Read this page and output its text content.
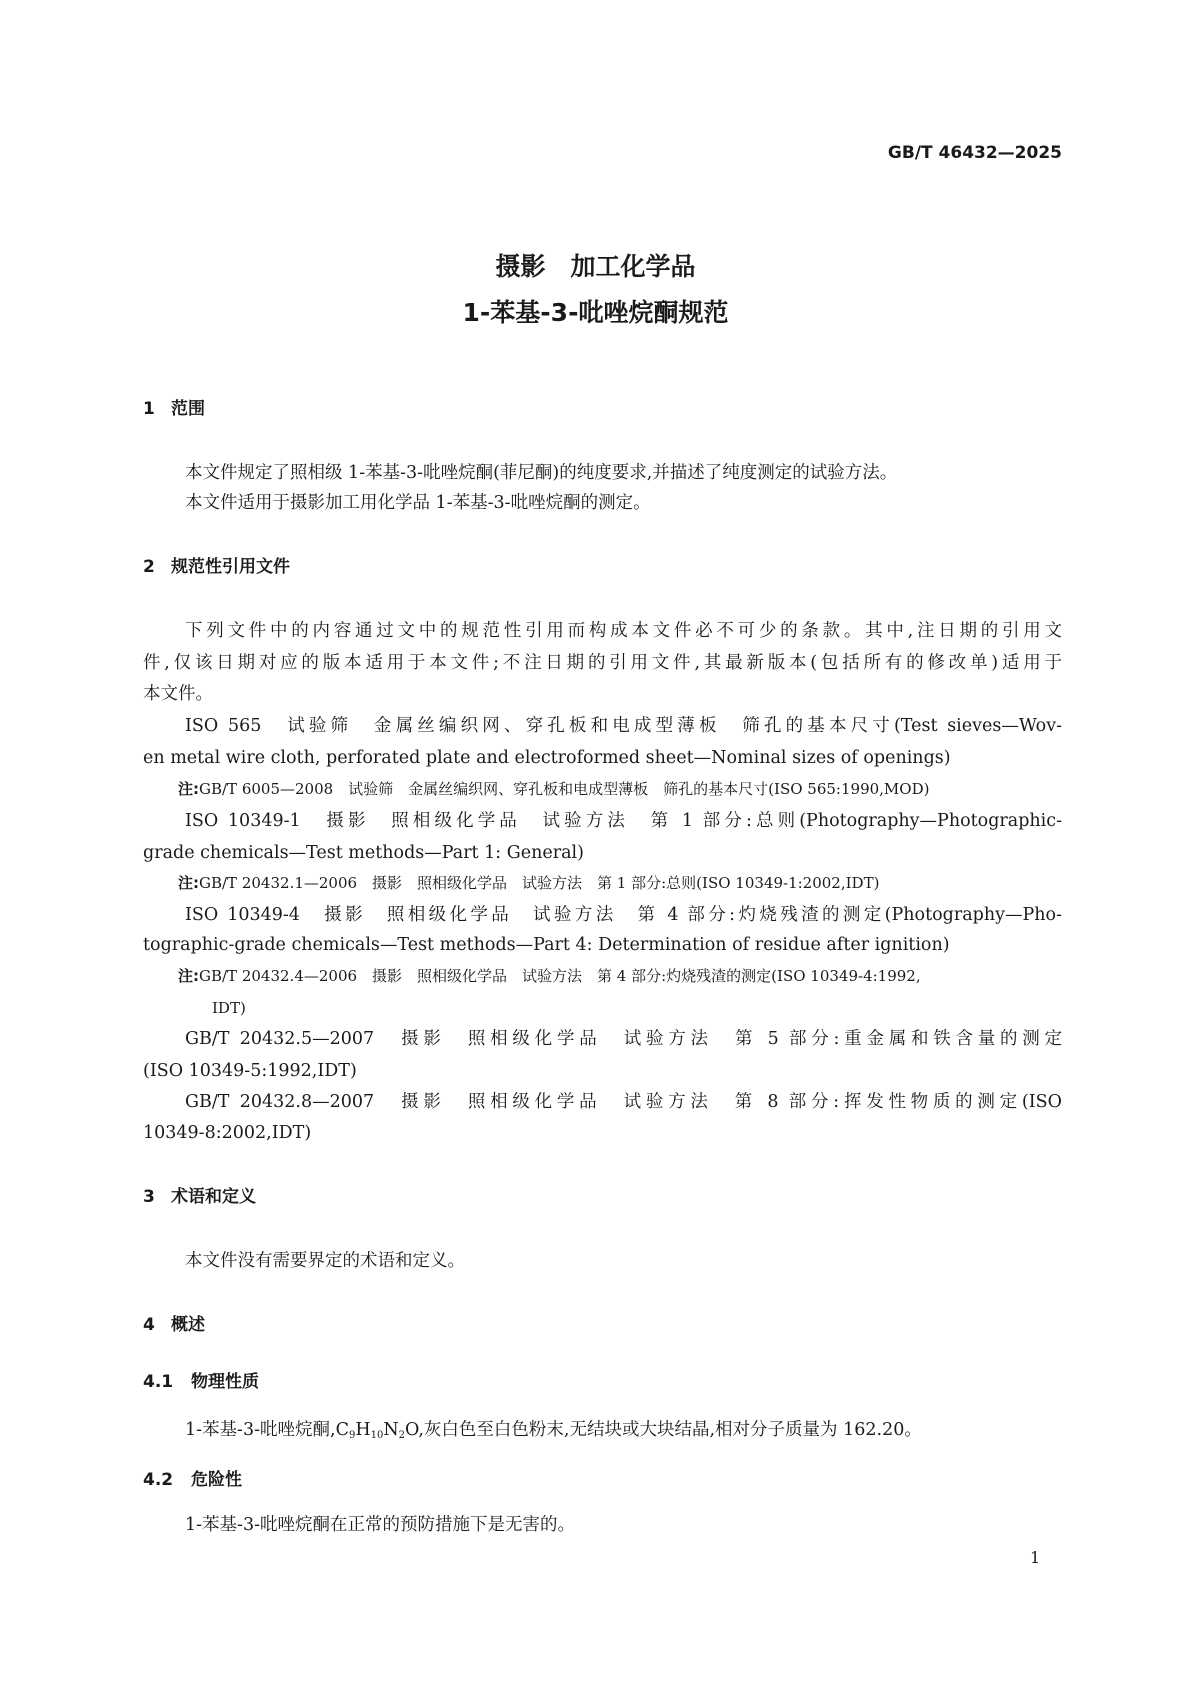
GB/T 46432—2025
摄影　加工化学品
1-苯基-3-吡唑烷酮规范
1 范围
本文件规定了照相级 1-苯基-3-吡唑烷酮(菲尼酮)的纯度要求,并描述了纯度测定的试验方法。
本文件适用于摄影加工用化学品 1-苯基-3-吡唑烷酮的测定。
2 规范性引用文件
下列文件中的内容通过文中的规范性引用而构成本文件必不可少的条款。其中,注日期的引用文
件,仅该日期对应的版本适用于本文件;不注日期的引用文件,其最新版本(包括所有的修改单)适用于
本文件。
ISO 565　试验筛　金属丝编织网、穿孔板和电成型薄板　筛孔的基本尺寸(Test sieves—Wov-
en metal wire cloth, perforated plate and electroformed sheet—Nominal sizes of openings)
注:GB/T 6005—2008　试验筛　金属丝编织网、穿孔板和电成型薄板　筛孔的基本尺寸(ISO 565:1990,MOD)
ISO 10349-1　摄影　照相级化学品　试验方法　第 1 部分:总则(Photography—Photographic-
grade chemicals—Test methods—Part 1: General)
注:GB/T 20432.1—2006　摄影　照相级化学品　试验方法　第 1 部分:总则(ISO 10349-1:2002,IDT)
ISO 10349-4　摄影　照相级化学品　试验方法　第 4 部分:灼烧残渣的测定(Photography—Pho-
tographic-grade chemicals—Test methods—Part 4: Determination of residue after ignition)
注:GB/T 20432.4—2006　摄影　照相级化学品　试验方法　第 4 部分:灼烧残渣的测定(ISO 10349-4:1992,
IDT)
GB/T 20432.5—2007　摄影　照相级化学品　试验方法　第 5 部分:重金属和铁含量的测定
(ISO 10349-5:1992,IDT)
GB/T 20432.8—2007　摄影　照相级化学品　试验方法　第 8 部分:挥发性物质的测定(ISO
10349-8:2002,IDT)
3 术语和定义
本文件没有需要界定的术语和定义。
4 概述
4.1 物理性质
1-苯基-3-吡唑烷酮$,C_9H_{10}N_2O$,灰白色至白色粉末,无结块或大块结晶,相对分子质量为 162.20。
4.2 危险性
1-苯基-3-吡唑烷酮在正常的预防措施下是无害的。
1
